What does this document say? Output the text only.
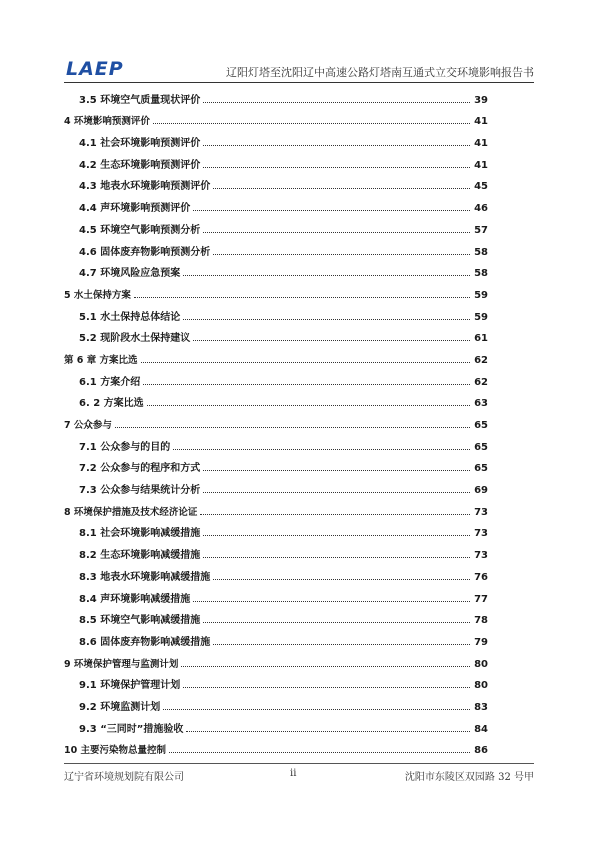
LAEP	辽阳灯塔至沈阳辽中高速公路灯塔南互通式立交环境影响报告书
3.5 环境空气质量现状评价	39
4 环境影响预测评价	41
4.1 社会环境影响预测评价	41
4.2 生态环境影响预测评价	41
4.3 地表水环境影响预测评价	45
4.4 声环境影响预测评价	46
4.5 环境空气影响预测分析	57
4.6 固体废弃物影响预测分析	58
4.7 环境风险应急预案	58
5 水土保持方案	59
5.1 水土保持总体结论	59
5.2 现阶段水土保持建议	61
第 6 章 方案比选	62
6.1 方案介绍	62
6. 2 方案比选	63
7 公众参与	65
7.1 公众参与的目的	65
7.2 公众参与的程序和方式	65
7.3 公众参与结果统计分析	69
8 环境保护措施及技术经济论证	73
8.1 社会环境影响减缓措施	73
8.2 生态环境影响减缓措施	73
8.3 地表水环境影响减缓措施	76
8.4 声环境影响减缓措施	77
8.5 环境空气影响减缓措施	78
8.6 固体废弃物影响减缓措施	79
9 环境保护管理与监测计划	80
9.1 环境保护管理计划	80
9.2 环境监测计划	83
9.3 “三同时”措施验收	84
10 主要污染物总量控制	86
辽宁省环境规划院有限公司	ii	沈阳市东陵区双园路 32 号甲
